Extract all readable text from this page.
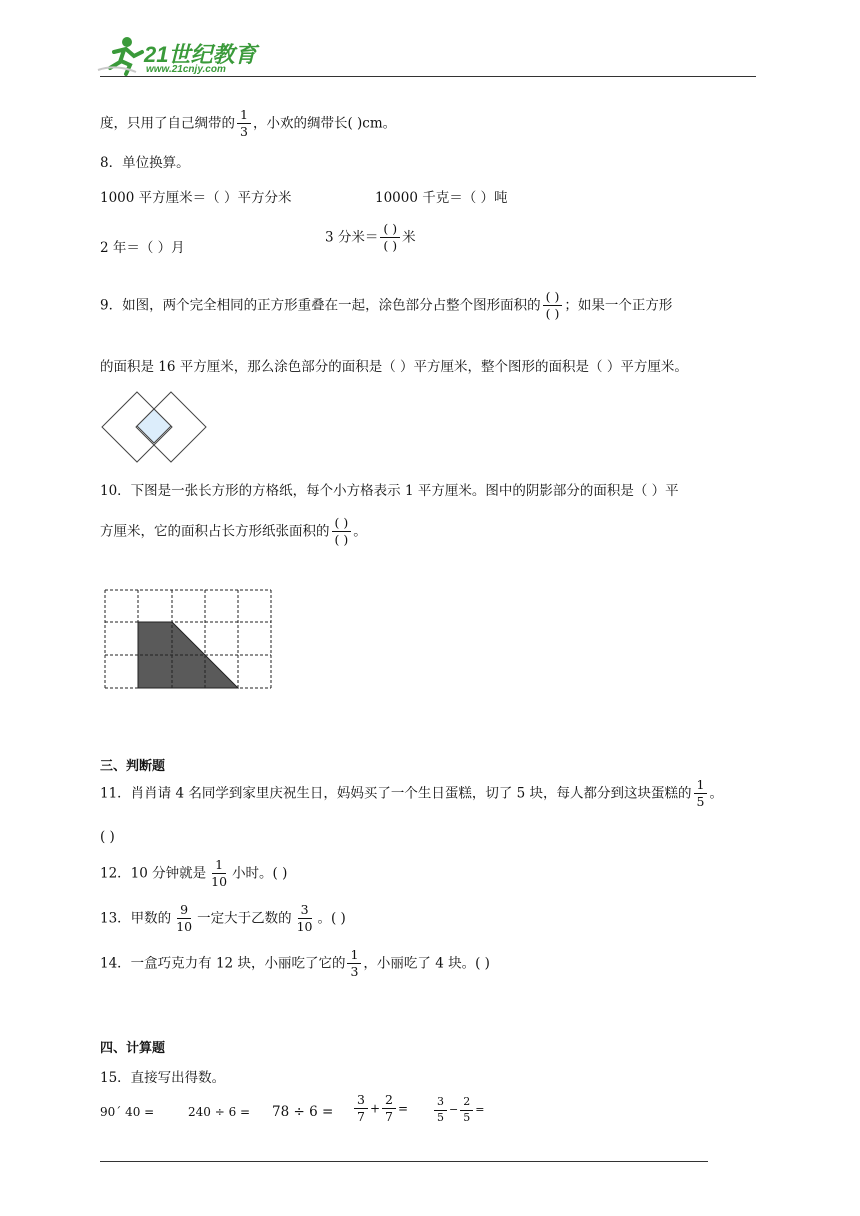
21世纪教育
www.21cnjy.com
度，只用了自己绸带的 $\frac{1}{3}$ ，小欢的绸带长( )cm。
8．单位换算。
1000 平方厘米＝（ ）平方分米	10000 千克＝（ ）吨
2 年＝（ ）月
3 分米＝ $\frac{( )}{( )}$ 米
9．如图，两个完全相同的正方形重叠在一起，涂色部分占整个图形面积的 $\frac{( )}{( )}$ ；如果一个正方形
的面积是 16 平方厘米，那么涂色部分的面积是（ ）平方厘米，整个图形的面积是（ ）平方厘米。
10．下图是一张长方形的方格纸，每个小方格表示 1 平方厘米。图中的阴影部分的面积是（ ）平
方厘米，它的面积占长方形纸张面积的 $\frac{( )}{( )}$ 。
三、判断题
11．肖肖请 4 名同学到家里庆祝生日，妈妈买了一个生日蛋糕，切了 5 块，每人都分到这块蛋糕的 $\frac{1}{5}$ 。
( )
12．10 分钟就是 $\frac{1}{10}$ 小时。( )
13．甲数的 $\frac{9}{10}$ 一定大于乙数的 $\frac{3}{10}$ 。( )
14．一盒巧克力有 12 块，小丽吃了它的 $\frac{1}{3}$ ，小丽吃了 4 块。( )
四、计算题
15．直接写出得数。
90´ 40 =	$240 \div 6 = 78 \div 6 = \frac{3}{7} + \frac{2}{7} = \frac{3}{5} - \frac{2}{5}$ =
